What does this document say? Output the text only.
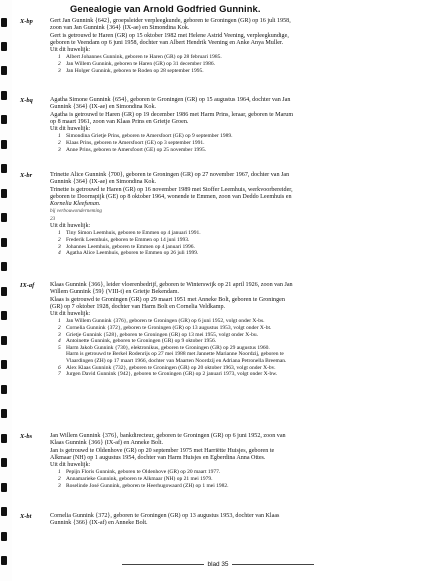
Genealogie van Arnold Godfried Gunnink.
X-bp	Gert Jan Gunnink {642}, groepsleider verpleegkunde, geboren te Groningen (GR) op 16 juli 1958,
zoon van Jan Gunnink {364} (IX-ae) en Simondina Kok.
Gert is getrouwd te Haren (GR) op 15 oktober 1982 met Helene Astrid Veening, verpleegkundige,
geboren te Veendam op 6 juni 1958, dochter van Albert Hendrik Veening en Anke Anya Muller.
Uit dit huwelijk:
1 Albert Johannes Gunnink, geboren te Haren (GR) op 28 februari 1985.
2 Jan Willem Gunnink, geboren te Haren (GR) op 31 december 1986.
3 Jan Holger Gunnink, geboren te Roden op 28 september 1995.
X-bq	Agatha Simone Gunnink {654}, geboren te Groningen (GR) op 15 augustus 1964, dochter van Jan
Gunnink {364} (IX-ae) en Simondina Kok.
Agatha is getrouwd te Haren (GR) op 19 december 1986 met Harm Prins, leraar, geboren te Marum
op 8 maart 1961, zoon van Klaas Prins en Grietje Groen.
Uit dit huwelijk:
1 Simondina Grietje Prins, geboren te Amersfoort (GE) op 9 september 1989.
2 Klaas Prins, geboren te Amersfoort (GE) op 3 september 1991.
3 Anne Prins, geboren te Amersfoort (GE) op 25 november 1995.
X-br	Trinette Alice Gunnink {700}, geboren te Groningen (GR) op 27 november 1967, dochter van Jan
Gunnink {364} (IX-ae) en Simondina Kok.
Trinette is getrouwd te Haren (GR) op 16 november 1989 met Stoffer Leemhuis, werkvoorbereider,
geboren te Doornspijk (GE) op 8 oktober 1964, wonende te Emmen, zoon van Deddo Leemhuis en
Kornelia Kleefsman.
bij verbouwonderneming
23
Uit dit huwelijk:
1 Tiny Simon Leemhuis, geboren te Emmen op 4 januari 1991.
2 Frederik Leemhuis, geboren te Emmen op 14 juni 1993.
3 Johannes Leemhuis, geboren te Emmen op 4 januari 1996.
4 Agatha Alice Leemhuis, geboren te Emmen op 26 juli 1999.
IX-af	Klaas Gunnink {366}, leider vloerenbedrijf, geboren te Winterswijk op 21 april 1926, zoon van Jan
Willem Gunnink {59} (VIII-t) en Grietje Bekendam.
Klaas is getrouwd te Groningen (GR) op 29 maart 1951 met Anneke Bolt, geboren te Groningen
(GR) op 7 oktober 1928, dochter van Harm Bolt en Cornelia Veldkamp.
Uit dit huwelijk:
1 Jan Willem Gunnink {376}, geboren te Groningen (GR) op 6 juni 1952, volgt onder X-bs.
2 Cornelia Gunnink {372}, geboren te Groningen (GR) op 13 augustus 1953, volgt onder X-bt.
3 Grietje Gunnink {528}, geboren te Groningen (GR) op 13 mei 1955, volgt onder X-bu.
4 Antoinette Gunnink, geboren te Groningen (GR) op 9 oktober 1956.
5 Harm Jakob Gunnink {730}, elektronikus, geboren te Groningen (GR) op 29 augustus 1960.
Harm is getrouwd te Berkel Rodenrijs op 27 mei 1988 met Jannette Marianne Noordzij, geboren te
Vlaardingen (ZH) op 17 maart 1966, dochter van Maarten Noordzij en Adriana Petronella Breeman.
6 Alex Klaas Gunnink {732}, geboren te Groningen (GR) op 20 oktober 1963, volgt onder X-bv.
7 Jurgen David Gunnink {942}, geboren te Groningen (GR) op 2 januari 1973, volgt onder X-bw.
X-bs	Jan Willem Gunnink {376}, bankdirecteur, geboren te Groningen (GR) op 6 juni 1952, zoon van
Klaas Gunnink {366} (IX-af) en Anneke Bolt.
Jan is getrouwd te Oldenhove (GR) op 20 september 1975 met Harriëtte Huisjes, geboren te
Alkmaar (NH) op 1 augustus 1954, dochter van Harm Huisjes en Egberdina Anna Ottes.
Uit dit huwelijk:
1 Pepijn Floris Gunnink, geboren te Oldenhove (GR) op 20 maart 1977.
2 Annamarieke Gunnink, geboren te Alkmaar (NH) op 21 mei 1979.
3 Roselinde José Gunnink, geboren te Heerhugowaard (ZH) op 1 mei 1982.
X-bt	Cornelia Gunnink {372}, geboren te Groningen (GR) op 13 augustus 1953, dochter van Klaas
Gunnink {366} (IX-af) en Anneke Bolt.
blad 35
